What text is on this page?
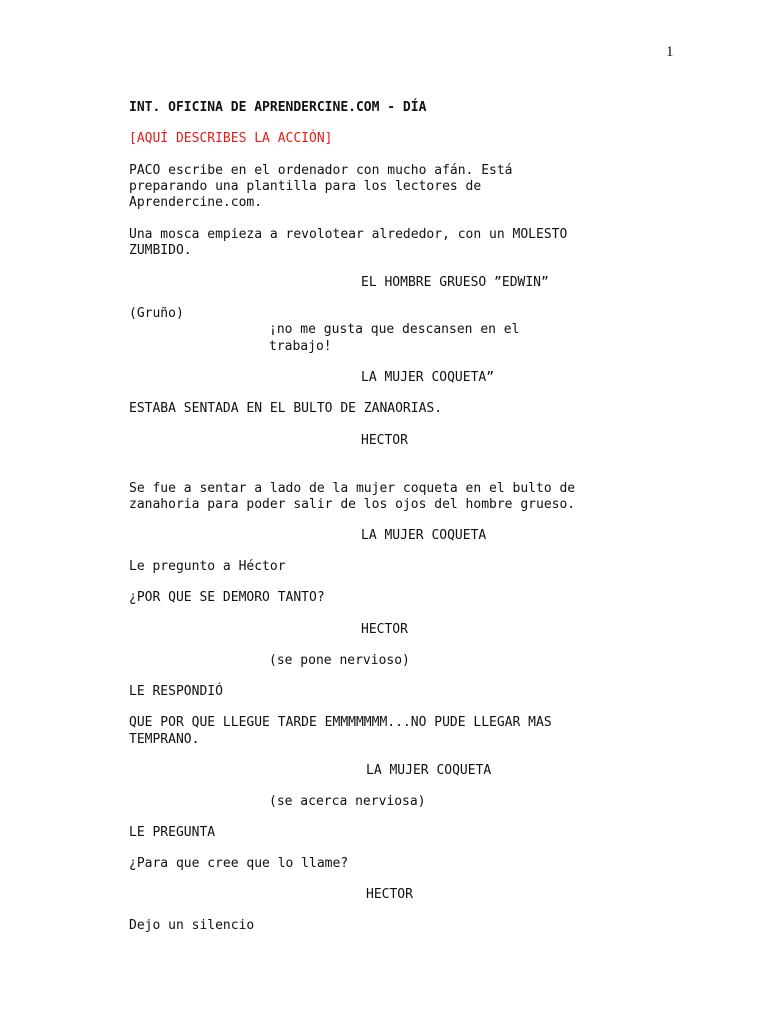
1

INT. OFICINA DE APRENDERCINE.COM - DÍA

[AQUÍ DESCRIBES LA ACCIÓN]

PACO escribe en el ordenador con mucho afán. Está

preparando una plantilla para los lectores de

Aprendercine.com.

Una mosca empieza a revolotear alrededor, con un MOLESTO

ZUMBIDO.

EL HOMBRE GRUESO ”EDWIN”

(Gruño)

¡no me gusta que descansen en el

trabajo!

LA MUJER COQUETA”

ESTABA SENTADA EN EL BULTO DE ZANAORIAS.

HECTOR

Se fue a sentar a lado de la mujer coqueta en el bulto de

zanahoria para poder salir de los ojos del hombre grueso.

LA MUJER COQUETA

Le pregunto a Héctor

¿POR QUE SE DEMORO TANTO?

HECTOR

(se pone nervioso)

LE RESPONDIÓ

QUE POR QUE LLEGUE TARDE EMMMMMMM...NO PUDE LLEGAR MAS

TEMPRANO.

LA MUJER COQUETA

(se acerca nerviosa)

LE PREGUNTA

¿Para que cree que lo llame?

HECTOR

Dejo un silencio
